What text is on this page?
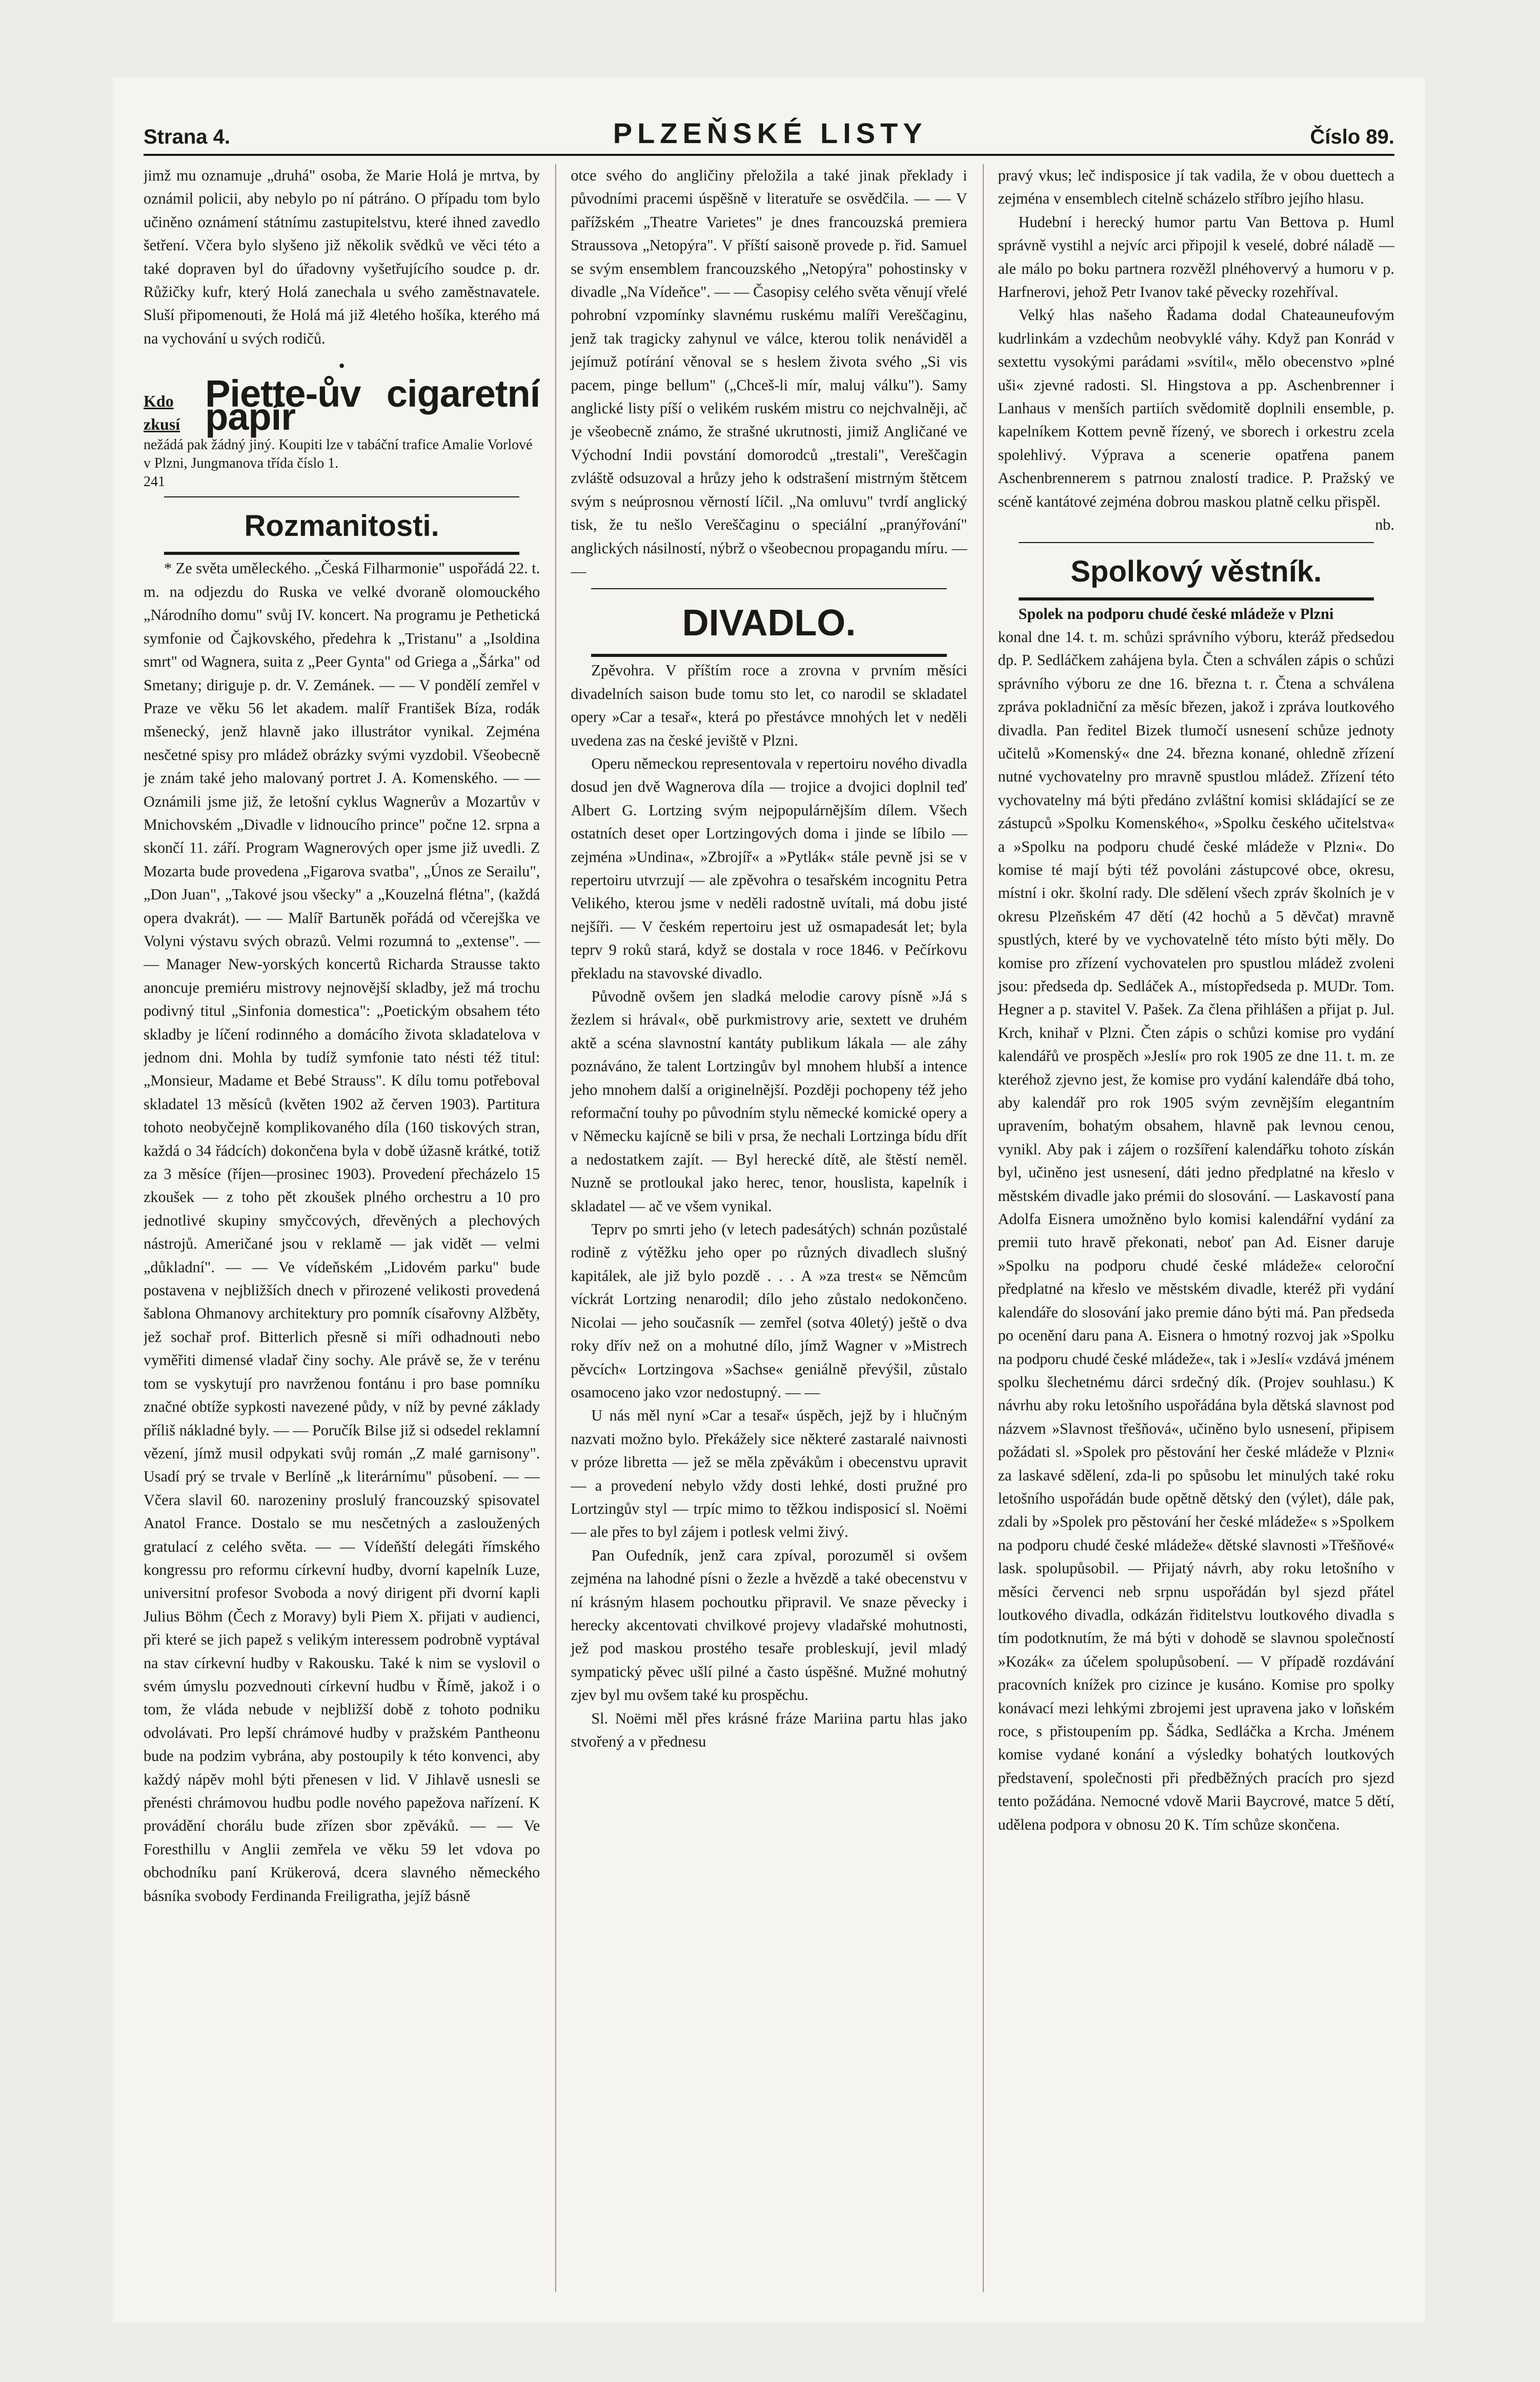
Strana 4.	PLZEŇSKÉ LISTY	Číslo 89.

jimž mu oznamuje „druhá" osoba, že Marie Holá je mrtva, by oznámil policii, aby nebylo po ní pátráno. O případu tom bylo učiněno oznámení státnímu zastupitelstvu, které ihned zavedlo šetření. Včera bylo slyšeno již několik svědků ve věci této a také dopraven byl do úřadovny vyšetřujícího soudce p. dr. Růžičky kufr, který Holá zanechala u svého zaměstnavatele. Sluší připomenouti, že Holá má již 4letého hošíka, kterého má na vychování u svých rodičů.

•
Kdo zkusí
Piette-ův cigaretní papír
nežádá pak žádný jiný. Koupiti lze v tabáční trafice Amalie Vorlové v Plzni, Jungmanova třída číslo 1.
241
Rozmanitosti.

* Ze světa uměleckého. „Česká Filharmonie" uspořádá 22. t. m. na odjezdu do Ruska ve velké dvoraně olomouckého „Národního domu" svůj IV. koncert. Na programu je Pethetická symfonie od Čajkovského, předehra k „Tristanu" a „Isoldina smrt" od Wagnera, suita z „Peer Gynta" od Griega a „Šárka" od Smetany; diriguje p. dr. V. Zemánek. — — V pondělí zemřel v Praze ve věku 56 let akadem. malíř František Bíza, rodák mšenecký, jenž hlavně jako illustrátor vynikal. Zejména nesčetné spisy pro mládež obrázky svými vyzdobil. Všeobecně je znám také jeho malovaný portret J. A. Komenského. — — Oznámili jsme již, že letošní cyklus Wagnerův a Mozartův v Mnichovském „Divadle v lidnoucího prince" počne 12. srpna a skončí 11. září. Program Wagnerových oper jsme již uvedli. Z Mozarta bude provedena „Figarova svatba", „Únos ze Serailu", „Don Juan", „Takové jsou všecky" a „Kouzelná flétna", (každá opera dvakrát). — — Malíř Bartuněk pořádá od včerejška ve Volyni výstavu svých obrazů. Velmi rozumná to „extense". — — Manager New-yorských koncertů Richarda Strausse takto anoncuje premiéru mistrovy nejnovější skladby, jež má trochu podivný titul „Sinfonia domestica": „Poetickým obsahem této skladby je líčení rodinného a domácího života skladatelova v jednom dni. Mohla by tudíž symfonie tato nésti též titul: „Monsieur, Madame et Bebé Strauss". K dílu tomu potřeboval skladatel 13 měsíců (květen 1902 až červen 1903). Partitura tohoto neobyčejně komplikovaného díla (160 tiskových stran, každá o 34 řádcích) dokončena byla v době úžasně krátké, totiž za 3 měsíce (říjen—prosinec 1903). Provedení přecházelo 15 zkoušek — z toho pět zkoušek plného orchestru a 10 pro jednotlivé skupiny smyčcových, dřevěných a plechových nástrojů. Američané jsou v reklamě — jak vidět — velmi „důkladní". — — Ve vídeňském „Lidovém parku" bude postavena v nejbližších dnech v přirozené velikosti provedená šablona Ohmanovy architektury pro pomník císařovny Alžběty, jež sochař prof. Bitterlich přesně si míři odhadnouti nebo vyměřiti dimensé vladař činy sochy. Ale právě se, že v terénu tom se vyskytují pro navrženou fontánu i pro base pomníku značné obtíže sypkosti navezené půdy, v níž by pevné základy příliš nákladné byly. — — Poručík Bilse již si odsedel reklamní vězení, jímž musil odpykati svůj román „Z malé garnisony". Usadí prý se trvale v Berlíně „k literárnímu" působení. — — Včera slavil 60. narozeniny proslulý francouzský spisovatel Anatol France. Dostalo se mu nesčetných a zasloužených gratulací z celého světa. — — Vídeňští delegáti římského kongressu pro reformu církevní hudby, dvorní kapelník Luze, universitní profesor Svoboda a nový dirigent při dvorní kapli Julius Böhm (Čech z Moravy) byli Piem X. přijati v audienci, při které se jich papež s velikým interessem podrobně vyptával na stav církevní hudby v Rakousku. Také k nim se vyslovil o svém úmyslu pozvednouti církevní hudbu v Římě, jakož i o tom, že vláda nebude v nejbližší době z tohoto podniku odvolávati. Pro lepší chrámové hudby v pražském Pantheonu bude na podzim vybrána, aby postoupily k této konvenci, aby každý nápěv mohl býti přenesen v lid. V Jihlavě usnesli se přenésti chrámovou hudbu podle nového papežova nařízení. K provádění chorálu bude zřízen sbor zpěváků. — — Ve Foresthillu v Anglii zemřela ve věku 59 let vdova po obchodníku paní Krükerová, dcera slavného německého básníka svobody Ferdinanda Freiligratha, jejíž básně

otce svého do angličiny přeložila a také jinak překlady i původními pracemi úspěšně v literatuře se osvědčila. — — V pařížském „Theatre Varietes" je dnes francouzská premiera Straussova „Netopýra". V příští saisoně provede p. řid. Samuel se svým ensemblem francouzského „Netopýra" pohostinsky v divadle „Na Vídeňce". — — Časopisy celého světa věnují vřelé pohrobní vzpomínky slavnému ruskému malíři Vereščaginu, jenž tak tragicky zahynul ve válce, kterou tolik nenáviděl a jejímuž potírání věnoval se s heslem života svého „Si vis pacem, pinge bellum" („Chceš-li mír, maluj válku"). Samy anglické listy píší o velikém ruském mistru co nejchvalněji, ač je všeobecně známo, že strašné ukrutnosti, jimiž Angličané ve Východní Indii povstání domorodců „trestali", Vereščagin zvláště odsuzoval a hrůzy jeho k odstrašení mistrným štětcem svým s neúprosnou věrností líčil. „Na omluvu" tvrdí anglický tisk, že tu nešlo Vereščaginu o speciální „pranýřování" anglických násilností, nýbrž o všeobecnou propagandu míru. — —

DIVADLO.

Zpěvohra. V příštím roce a zrovna v prvním měsíci divadelních saison bude tomu sto let, co narodil se skladatel opery »Car a tesař«, která po přestávce mnohých let v neděli uvedena zas na české jeviště v Plzni.

Operu německou representovala v repertoiru nového divadla dosud jen dvě Wagnerova díla — trojice a dvojici doplnil teď Albert G. Lortzing svým nejpopulárnějším dílem. Všech ostatních deset oper Lortzingových doma i jinde se líbilo — zejména »Undina«, »Zbrojíř« a »Pytlák« stále pevně jsi se v repertoiru utvrzují — ale zpěvohra o tesařském incognitu Petra Velikého, kterou jsme v neděli radostně uvítali, má dobu jisté nejšíři. — V českém repertoiru jest už osmapadesát let; byla teprv 9 roků stará, když se dostala v roce 1846. v Pečírkovu překladu na stavovské divadlo.

Původně ovšem jen sladká melodie carovy písně »Já s žezlem si hrával«, obě purkmistrovy arie, sextett ve druhém aktě a scéna slavnostní kantáty publikum lákala — ale záhy poznáváno, že talent Lortzingův byl mnohem hlubší a intence jeho mnohem další a originelnější. Později pochopeny též jeho reformační touhy po původním stylu německé komické opery a v Německu kajícně se bili v prsa, že nechali Lortzinga bídu dřít a nedostatkem zajít. — Byl herecké dítě, ale štěstí neměl. Nuzně se protloukal jako herec, tenor, houslista, kapelník i skladatel — ač ve všem vynikal.

Teprv po smrti jeho (v letech padesátých) schnán pozůstalé rodině z výtěžku jeho oper po různých divadlech slušný kapitálek, ale již bylo pozdě . . . A »za trest« se Němcům víckrát Lortzing nenarodil; dílo jeho zůstalo nedokončeno. Nicolai — jeho současník — zemřel (sotva 40letý) ještě o dva roky dřív než on a mohutné dílo, jímž Wagner v »Mistrech pěvcích« Lortzingova »Sachse« geniálně převýšil, zůstalo osamoceno jako vzor nedostupný. — —

U nás měl nyní »Car a tesař« úspěch, jejž by i hlučným nazvati možno bylo. Překážely sice některé zastaralé naivnosti v próze libretta — jež se měla zpěvákům i obecenstvu upravit — a provedení nebylo vždy dosti lehké, dosti pružné pro Lortzingův styl — trpíc mimo to těžkou indisposicí sl. Noëmi — ale přes to byl zájem i potlesk velmi živý.

Pan Oufedník, jenž cara zpíval, porozuměl si ovšem zejména na lahodné písni o žezle a hvězdě a také obecenstvu v ní krásným hlasem pochoutku připravil. Ve snaze pěvecky i herecky akcentovati chvilkové projevy vladařské mohutnosti, jež pod maskou prostého tesaře probleskují, jevil mladý sympatický pěvec ušlí pilné a často úspěšné. Mužné mohutný zjev byl mu ovšem také ku prospěchu.

Sl. Noëmi měl přes krásné fráze Mariina partu hlas jako stvořený a v přednesu

pravý vkus; leč indisposice jí tak vadila, že v obou duettech a zejména v ensemblech citelně scházelo stříbro jejího hlasu.

Hudební i herecký humor partu Van Bettova p. Huml správně vystihl a nejvíc arci připojil k veselé, dobré náladě — ale málo po boku partnera rozvěžl plnéhovervý a humoru v p. Harfnerovi, jehož Petr Ivanov také pěvecky rozehříval.

Velký hlas našeho Řadama dodal Chateauneufovým kudrlinkám a vzdechům neobvyklé váhy. Když pan Konrád v sextettu vysokými parádami »svítil«, mělo obecenstvo »plné uši« zjevné radosti. Sl. Hingstova a pp. Aschenbrenner i Lanhaus v menších partiích svědomitě doplnili ensemble, p. kapelníkem Kottem pevně řízený, ve sborech i orkestru zcela spolehlivý. Výprava a scenerie opatřena panem Aschenbrennerem s patrnou znalostí tradice. P. Pražský ve scéně kantátové zejména dobrou maskou platně celku přispěl.

nb.
Spolkový věstník.

Spolek na podporu chudé české mládeže v Plzni

konal dne 14. t. m. schůzi správního výboru, kteráž předsedou dp. P. Sedláčkem zahájena byla. Čten a schválen zápis o schůzi správního výboru ze dne 16. března t. r. Čtena a schválena zpráva pokladniční za měsíc březen, jakož i zpráva loutkového divadla. Pan ředitel Bizek tlumočí usnesení schůze jednoty učitelů »Komenský« dne 24. března konané, ohledně zřízení nutné vychovatelny pro mravně spustlou mládež. Zřízení této vychovatelny má býti předáno zvláštní komisi skládající se ze zástupců »Spolku Komenského«, »Spolku českého učitelstva« a »Spolku na podporu chudé české mládeže v Plzni«. Do komise té mají býti též povoláni zástupcové obce, okresu, místní i okr. školní rady. Dle sdělení všech zpráv školních je v okresu Plzeňském 47 dětí (42 hochů a 5 děvčat) mravně spustlých, které by ve vychovatelně této místo býti měly. Do komise pro zřízení vychovatelen pro spustlou mládež zvoleni jsou: předseda dp. Sedláček A., místopředseda p. MUDr. Tom. Hegner a p. stavitel V. Pašek. Za člena přihlášen a přijat p. Jul. Krch, knihař v Plzni. Čten zápis o schůzi komise pro vydání kalendářů ve prospěch »Jeslí« pro rok 1905 ze dne 11. t. m. ze kteréhož zjevno jest, že komise pro vydání kalendáře dbá toho, aby kalendář pro rok 1905 svým zevnějším elegantním upravením, bohatým obsahem, hlavně pak levnou cenou, vynikl. Aby pak i zájem o rozšíření kalendářku tohoto získán byl, učiněno jest usnesení, dáti jedno předplatné na křeslo v městském divadle jako prémii do slosování. — Laskavostí pana Adolfa Eisnera umožněno bylo komisi kalendářní vydání za premii tuto hravě překonati, neboť pan Ad. Eisner daruje »Spolku na podporu chudé české mládeže« celoroční předplatné na křeslo ve městském divadle, kteréž při vydání kalendáře do slosování jako premie dáno býti má. Pan předseda po ocenění daru pana A. Eisnera o hmotný rozvoj jak »Spolku na podporu chudé české mládeže«, tak i »Jeslí« vzdává jménem spolku šlechetnému dárci srdečný dík. (Projev souhlasu.) K návrhu aby roku letošního uspořádána byla dětská slavnost pod názvem »Slavnost třešňová«, učiněno bylo usnesení, připisem požádati sl. »Spolek pro pěstování her české mládeže v Plzni« za laskavé sdělení, zda-li po spůsobu let minulých také roku letošního uspořádán bude opětně dětský den (výlet), dále pak, zdali by »Spolek pro pěstování her české mládeže« s »Spolkem na podporu chudé české mládeže« dětské slavnosti »Třešňové« lask. spolupůsobil. — Přijatý návrh, aby roku letošního v měsíci červenci neb srpnu uspořádán byl sjezd přátel loutkového divadla, odkázán řiditelstvu loutkového divadla s tím podotknutím, že má býti v dohodě se slavnou společností »Kozák« za účelem spolupůsobení. — V případě rozdávání pracovních knížek pro cizince je kusáno. Komise pro spolky konávací mezi lehkými zbrojemi jest upravena jako v loňském roce, s přistoupením pp. Šádka, Sedláčka a Krcha. Jménem komise vydané konání a výsledky bohatých loutkových představení, společnosti při předběžných pracích pro sjezd tento požádána. Nemocné vdově Marii Baycrové, matce 5 dětí, udělena podpora v obnosu 20 K. Tím schůze skončena.
